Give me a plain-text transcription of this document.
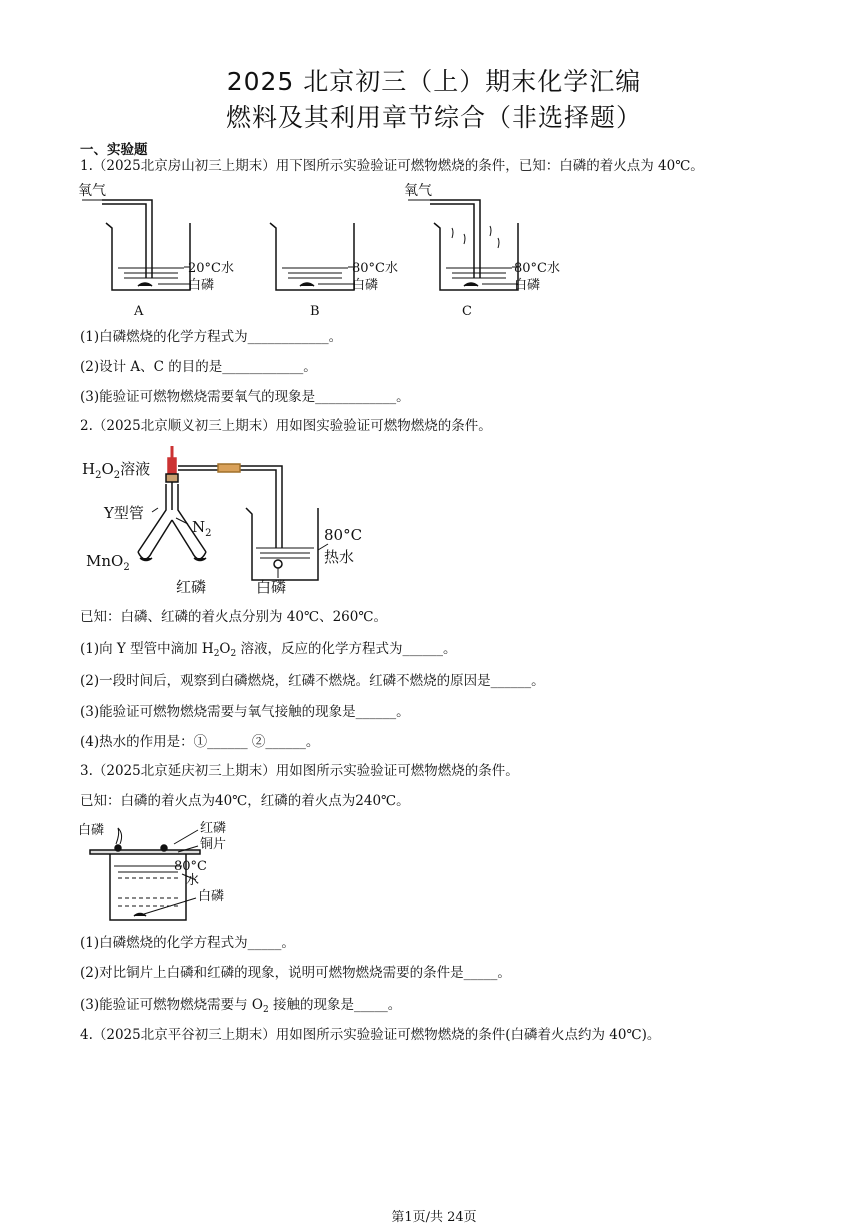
2025 北京初三（上）期末化学汇编
燃料及其利用章节综合（非选择题）
一、实验题
1.（2025北京房山初三上期末）用下图所示实验验证可燃物燃烧的条件，已知：白磷的着火点为 40℃。
氧气
20°C水
白磷
A
80°C水
白磷
B
氧气
80°C水
白磷
C
(1)白磷燃烧的化学方程式为____________。
(2)设计 A、C 的目的是____________。
(3)能验证可燃物燃烧需要氧气的现象是____________。
2.（2025北京顺义初三上期末）用如图实验验证可燃物燃烧的条件。
$H_2O_2$溶液
Y型管
$N_2$
MnO$_2$
红磷	白磷
80°C
热水
已知：白磷、红磷的着火点分别为 40℃、260℃。
(1)向 Y 型管中滴加 $H_2O_2$ 溶液，反应的化学方程式为______。
(2)一段时间后，观察到白磷燃烧，红磷不燃烧。红磷不燃烧的原因是______。
(3)能验证可燃物燃烧需要与氧气接触的现象是______。
(4)热水的作用是：①______ ②______。
3.（2025北京延庆初三上期末）用如图所示实验验证可燃物燃烧的条件。
已知：白磷的着火点为40℃，红磷的着火点为240℃。
白磷	红磷
铜片
80°C
水
白磷
(1)白磷燃烧的化学方程式为_____。
(2)对比铜片上白磷和红磷的现象，说明可燃物燃烧需要的条件是_____。
(3)能验证可燃物燃烧需要与 $O_2$ 接触的现象是_____。
4.（2025北京平谷初三上期末）用如图所示实验验证可燃物燃烧的条件(白磷着火点约为 40℃)。
第1页/共 24页
